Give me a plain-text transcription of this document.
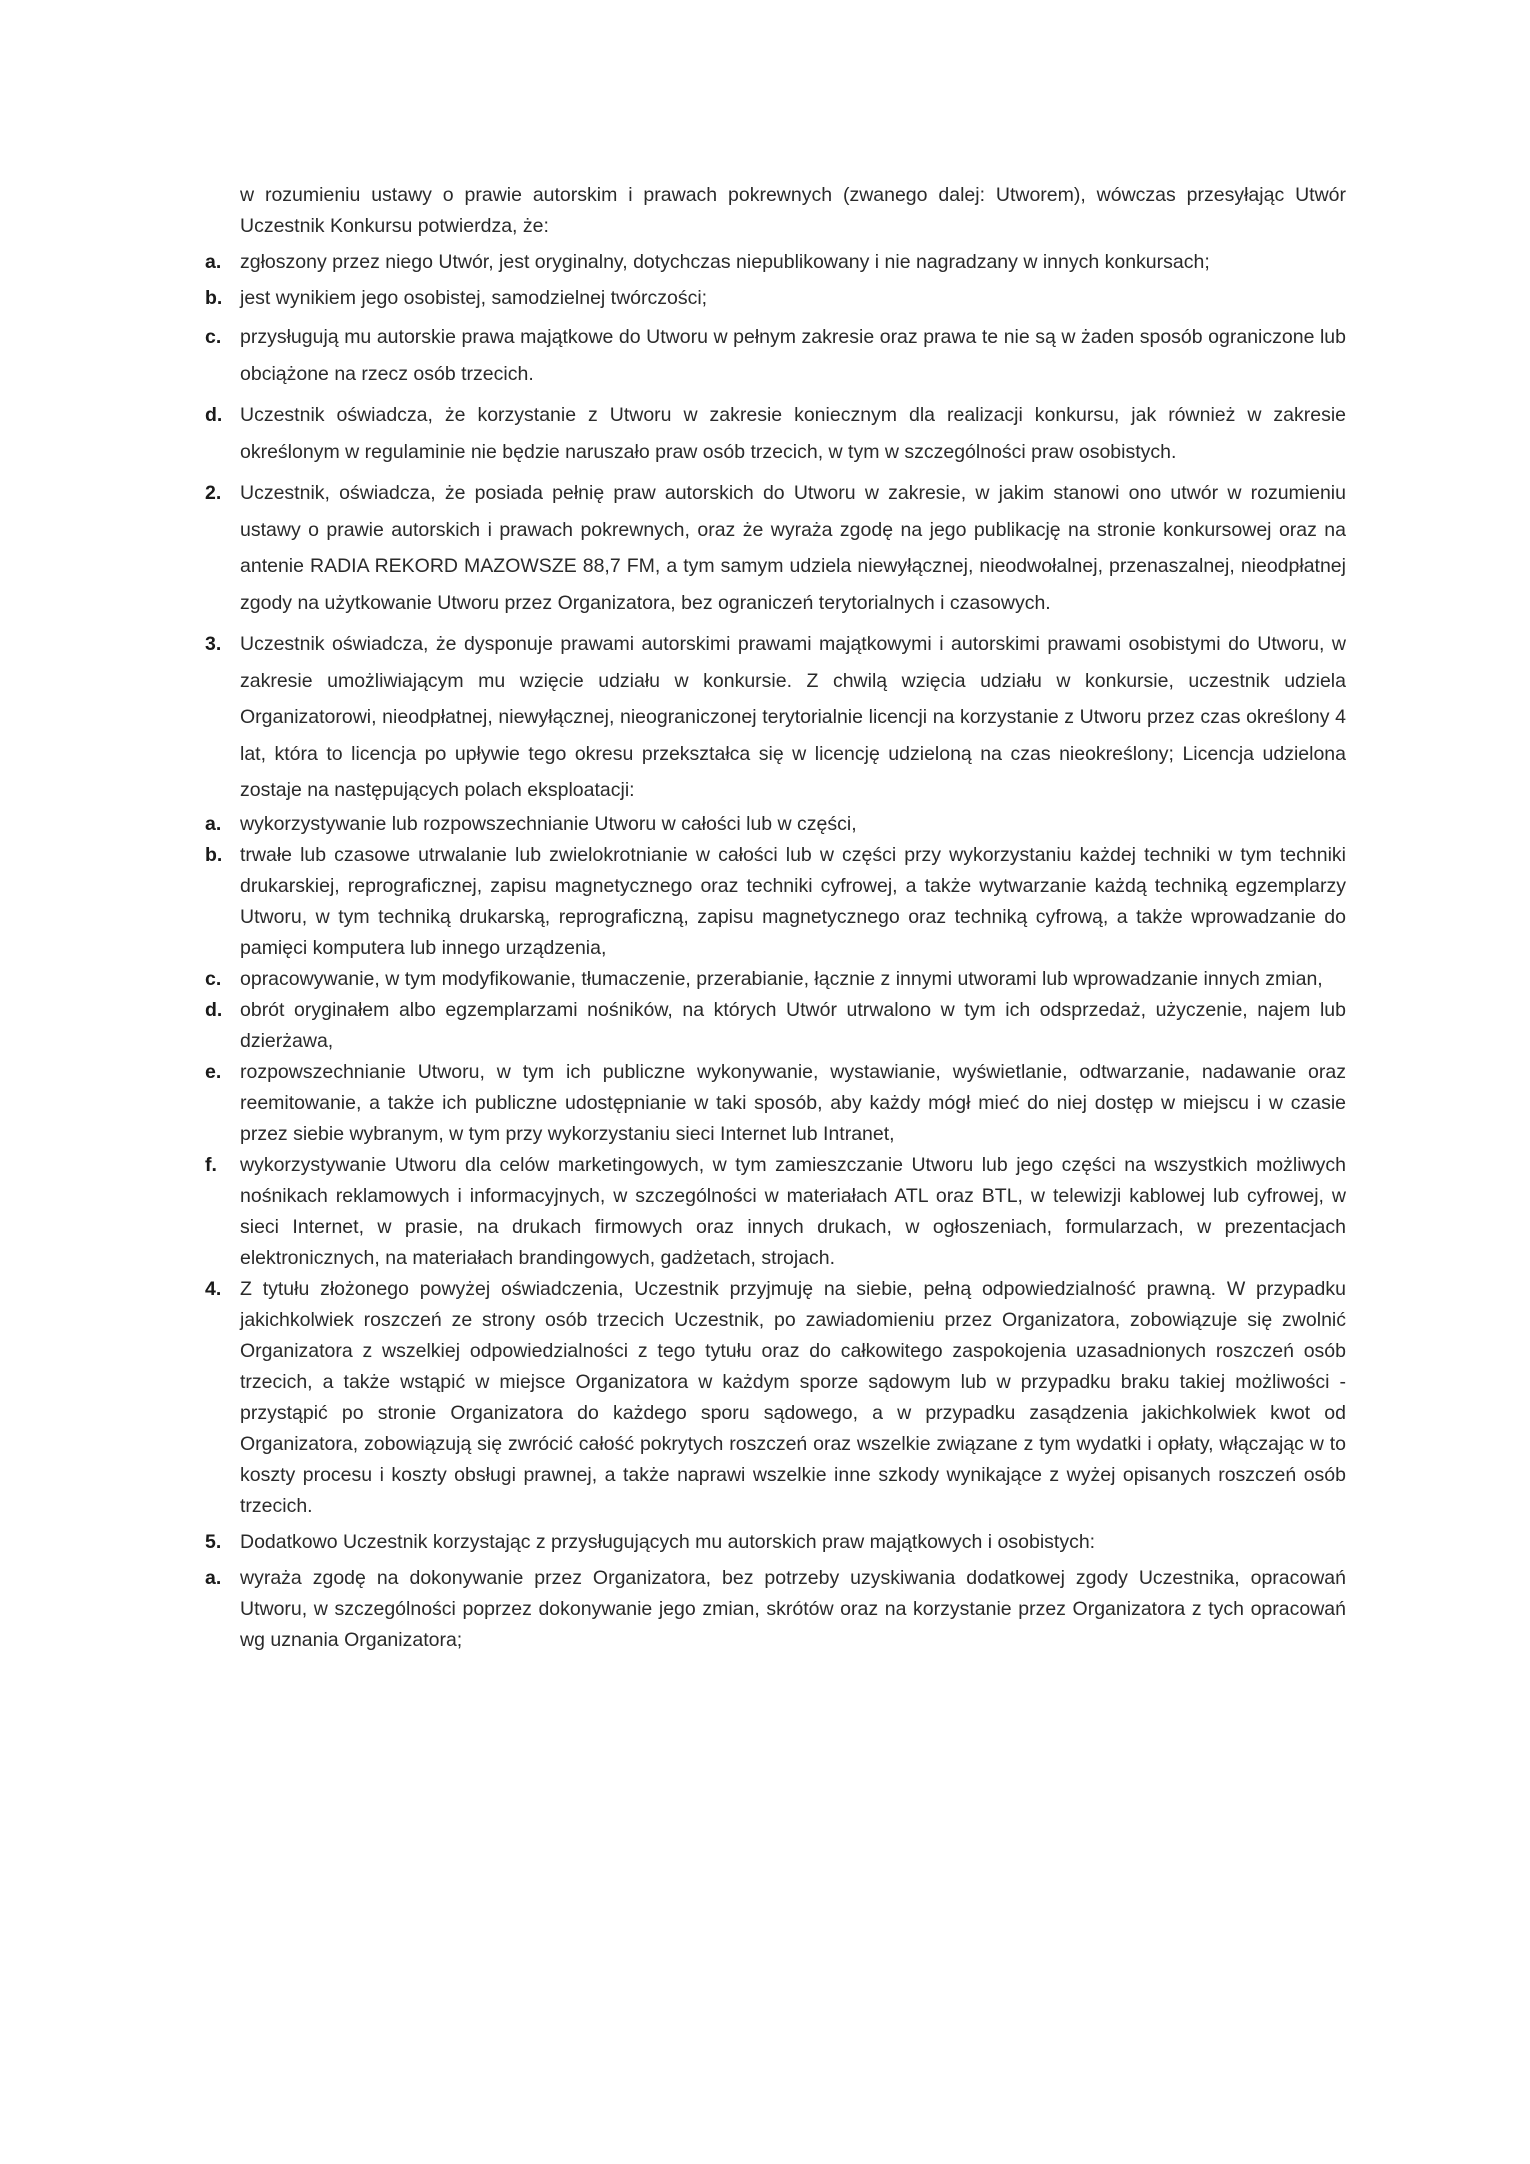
w rozumieniu ustawy o prawie autorskim i prawach pokrewnych (zwanego dalej: Utworem), wówczas przesyłając Utwór Uczestnik Konkursu potwierdza, że:

a. zgłoszony przez niego Utwór, jest oryginalny, dotychczas niepublikowany i nie nagradzany w innych konkursach;
b. jest wynikiem jego osobistej, samodzielnej twórczości;
c. przysługują mu autorskie prawa majątkowe do Utworu w pełnym zakresie oraz prawa te nie są w żaden sposób ograniczone lub obciążone na rzecz osób trzecich.
d. Uczestnik oświadcza, że korzystanie z Utworu w zakresie koniecznym dla realizacji konkursu, jak również w zakresie określonym w regulaminie nie będzie naruszało praw osób trzecich, w tym w szczególności praw osobistych.
2. Uczestnik, oświadcza, że posiada pełnię praw autorskich do Utworu w zakresie, w jakim stanowi ono utwór w rozumieniu ustawy o prawie autorskich i prawach pokrewnych, oraz że wyraża zgodę na jego publikację na stronie konkursowej oraz na antenie RADIA REKORD MAZOWSZE 88,7 FM, a tym samym udziela niewyłącznej, nieodwołalnej, przenaszalnej, nieodpłatnej zgody na użytkowanie Utworu przez Organizatora, bez ograniczeń terytorialnych i czasowych.
3. Uczestnik oświadcza, że dysponuje prawami autorskimi prawami majątkowymi i autorskimi prawami osobistymi do Utworu, w zakresie umożliwiającym mu wzięcie udziału w konkursie. Z chwilą wzięcia udziału w konkursie, uczestnik udziela Organizatorowi, nieodpłatnej, niewyłącznej, nieograniczonej terytorialnie licencji na korzystanie z Utworu przez czas określony 4 lat, która to licencja po upływie tego okresu przekształca się w licencję udzieloną na czas nieokreślony; Licencja udzielona zostaje na następujących polach eksploatacji:
a. wykorzystywanie lub rozpowszechnianie Utworu w całości lub w części,
b. trwałe lub czasowe utrwalanie lub zwielokrotnianie w całości lub w części przy wykorzystaniu każdej techniki w tym techniki drukarskiej, reprograficznej, zapisu magnetycznego oraz techniki cyfrowej, a także wytwarzanie każdą techniką egzemplarzy Utworu, w tym techniką drukarską, reprograficzną, zapisu magnetycznego oraz techniką cyfrową, a także wprowadzanie do pamięci komputera lub innego urządzenia,
c. opracowywanie, w tym modyfikowanie, tłumaczenie, przerabianie, łącznie z innymi utworami lub wprowadzanie innych zmian,
d. obrót oryginałem albo egzemplarzami nośników, na których Utwór utrwalono w tym ich odsprzedaż, użyczenie, najem lub dzierżawa,
e. rozpowszechnianie Utworu, w tym ich publiczne wykonywanie, wystawianie, wyświetlanie, odtwarzanie, nadawanie oraz reemitowanie, a także ich publiczne udostępnianie w taki sposób, aby każdy mógł mieć do niej dostęp w miejscu i w czasie przez siebie wybranym, w tym przy wykorzystaniu sieci Internet lub Intranet,
f. wykorzystywanie Utworu dla celów marketingowych, w tym zamieszczanie Utworu lub jego części na wszystkich możliwych nośnikach reklamowych i informacyjnych, w szczególności w materiałach ATL oraz BTL, w telewizji kablowej lub cyfrowej, w sieci Internet, w prasie, na drukach firmowych oraz innych drukach, w ogłoszeniach, formularzach, w prezentacjach elektronicznych, na materiałach brandingowych, gadżetach, strojach.
4. Z tytułu złożonego powyżej oświadczenia, Uczestnik przyjmuję na siebie, pełną odpowiedzialność prawną. W przypadku jakichkolwiek roszczeń ze strony osób trzecich Uczestnik, po zawiadomieniu przez Organizatora, zobowiązuje się zwolnić Organizatora z wszelkiej odpowiedzialności z tego tytułu oraz do całkowitego zaspokojenia uzasadnionych roszczeń osób trzecich, a także wstąpić w miejsce Organizatora w każdym sporze sądowym lub w przypadku braku takiej możliwości -przystąpić po stronie Organizatora do każdego sporu sądowego, a w przypadku zasądzenia jakichkolwiek kwot od Organizatora, zobowiązują się zwrócić całość pokrytych roszczeń oraz wszelkie związane z tym wydatki i opłaty, włączając w to koszty procesu i koszty obsługi prawnej, a także naprawi wszelkie inne szkody wynikające z wyżej opisanych roszczeń osób trzecich.
5. Dodatkowo Uczestnik korzystając z przysługujących mu autorskich praw majątkowych i osobistych:
a. wyraża zgodę na dokonywanie przez Organizatora, bez potrzeby uzyskiwania dodatkowej zgody Uczestnika, opracowań Utworu, w szczególności poprzez dokonywanie jego zmian, skrótów oraz na korzystanie przez Organizatora z tych opracowań wg uznania Organizatora;
